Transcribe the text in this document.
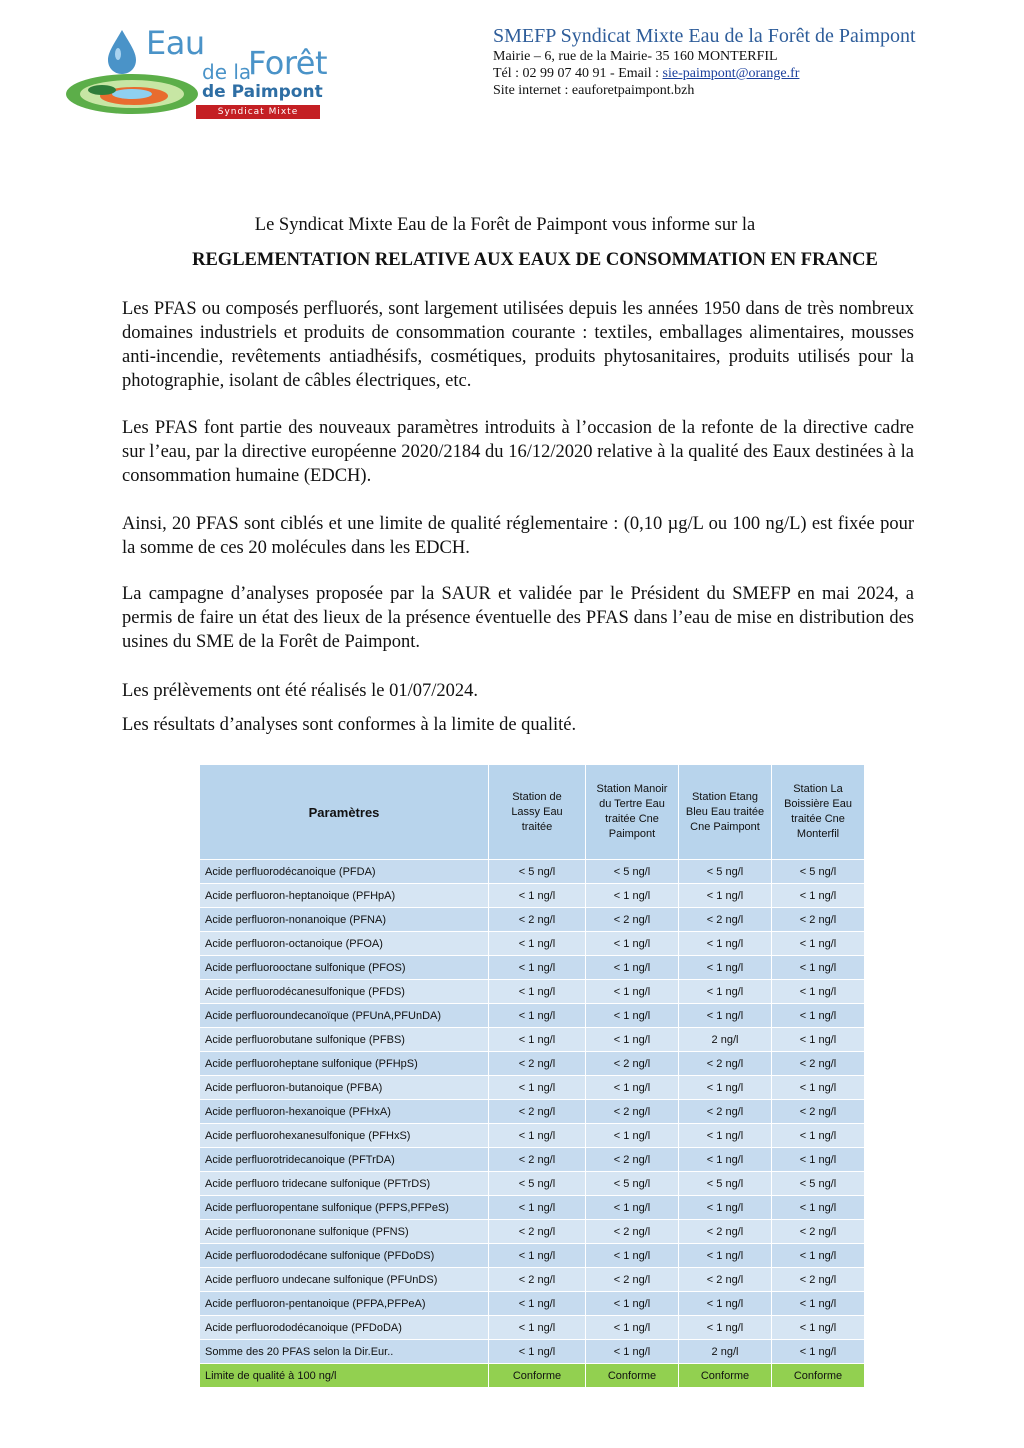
Eau
de la
Forêt
de Paimpont
Syndicat Mixte
SMEFP Syndicat Mixte Eau de la Forêt de Paimpont
Mairie – 6, rue de la Mairie- 35 160 MONTERFIL
Tél : 02 99 07 40 91 - Email : sie-paimpont@orange.fr
Site internet : eauforetpaimpont.bzh
Le Syndicat Mixte Eau de la Forêt de Paimpont vous informe sur la
REGLEMENTATION RELATIVE AUX EAUX DE CONSOMMATION EN FRANCE
Les PFAS ou composés perfluorés, sont largement utilisées depuis les années 1950 dans de très nombreux domaines industriels et produits de consommation courante : textiles, emballages alimentaires, mousses anti-incendie, revêtements antiadhésifs, cosmétiques, produits phytosanitaires, produits utilisés pour la photographie, isolant de câbles électriques, etc.
Les PFAS font partie des nouveaux paramètres introduits à l’occasion de la refonte de la directive cadre sur l’eau, par la directive européenne 2020/2184 du 16/12/2020 relative à la qualité des Eaux destinées à la consommation humaine (EDCH).
Ainsi, 20 PFAS sont ciblés et une limite de qualité réglementaire : (0,10 µg/L ou 100 ng/L) est fixée pour la somme de ces 20 molécules dans les EDCH.
La campagne d’analyses proposée par la SAUR et validée par le Président du SMEFP en mai 2024, a permis de faire un état des lieux de la présence éventuelle des PFAS dans l’eau de mise en distribution des usines du SME de la Forêt de Paimpont.
Les prélèvements ont été réalisés le 01/07/2024.
Les résultats d’analyses sont conformes à la limite de qualité.
Paramètres	Station de Lassy Eau traitée	Station Manoir du Tertre Eau traitée Cne Paimpont	Station Etang Bleu Eau traitée Cne Paimpont	Station La Boissière Eau traitée Cne Monterfil
Acide perfluorodécanoique (PFDA)	< 5 ng/l	< 5 ng/l	< 5 ng/l	< 5 ng/l
Acide perfluoron-heptanoique (PFHpA)	< 1 ng/l	< 1 ng/l	< 1 ng/l	< 1 ng/l
Acide perfluoron-nonanoique (PFNA)	< 2 ng/l	< 2 ng/l	< 2 ng/l	< 2 ng/l
Acide perfluoron-octanoique (PFOA)	< 1 ng/l	< 1 ng/l	< 1 ng/l	< 1 ng/l
Acide perfluorooctane sulfonique (PFOS)	< 1 ng/l	< 1 ng/l	< 1 ng/l	< 1 ng/l
Acide perfluorodécanesulfonique (PFDS)	< 1 ng/l	< 1 ng/l	< 1 ng/l	< 1 ng/l
Acide perfluoroundecanoïque (PFUnA,PFUnDA)	< 1 ng/l	< 1 ng/l	< 1 ng/l	< 1 ng/l
Acide perfluorobutane sulfonique (PFBS)	< 1 ng/l	< 1 ng/l	2 ng/l	< 1 ng/l
Acide perfluoroheptane sulfonique (PFHpS)	< 2 ng/l	< 2 ng/l	< 2 ng/l	< 2 ng/l
Acide perfluoron-butanoique (PFBA)	< 1 ng/l	< 1 ng/l	< 1 ng/l	< 1 ng/l
Acide perfluoron-hexanoique (PFHxA)	< 2 ng/l	< 2 ng/l	< 2 ng/l	< 2 ng/l
Acide perfluorohexanesulfonique (PFHxS)	< 1 ng/l	< 1 ng/l	< 1 ng/l	< 1 ng/l
Acide perfluorotridecanoique (PFTrDA)	< 2 ng/l	< 2 ng/l	< 1 ng/l	< 1 ng/l
Acide perfluoro tridecane sulfonique (PFTrDS)	< 5 ng/l	< 5 ng/l	< 5 ng/l	< 5 ng/l
Acide perfluoropentane sulfonique (PFPS,PFPeS)	< 1 ng/l	< 1 ng/l	< 1 ng/l	< 1 ng/l
Acide perfluorononane sulfonique (PFNS)	< 2 ng/l	< 2 ng/l	< 2 ng/l	< 2 ng/l
Acide perfluorododécane sulfonique (PFDoDS)	< 1 ng/l	< 1 ng/l	< 1 ng/l	< 1 ng/l
Acide perfluoro undecane sulfonique (PFUnDS)	< 2 ng/l	< 2 ng/l	< 2 ng/l	< 2 ng/l
Acide perfluoron-pentanoique (PFPA,PFPeA)	< 1 ng/l	< 1 ng/l	< 1 ng/l	< 1 ng/l
Acide perfluorododécanoique (PFDoDA)	< 1 ng/l	< 1 ng/l	< 1 ng/l	< 1 ng/l
Somme des 20 PFAS selon la Dir.Eur..	< 1 ng/l	< 1 ng/l	2 ng/l	< 1 ng/l
Limite de qualité à 100 ng/l	Conforme	Conforme	Conforme	Conforme
